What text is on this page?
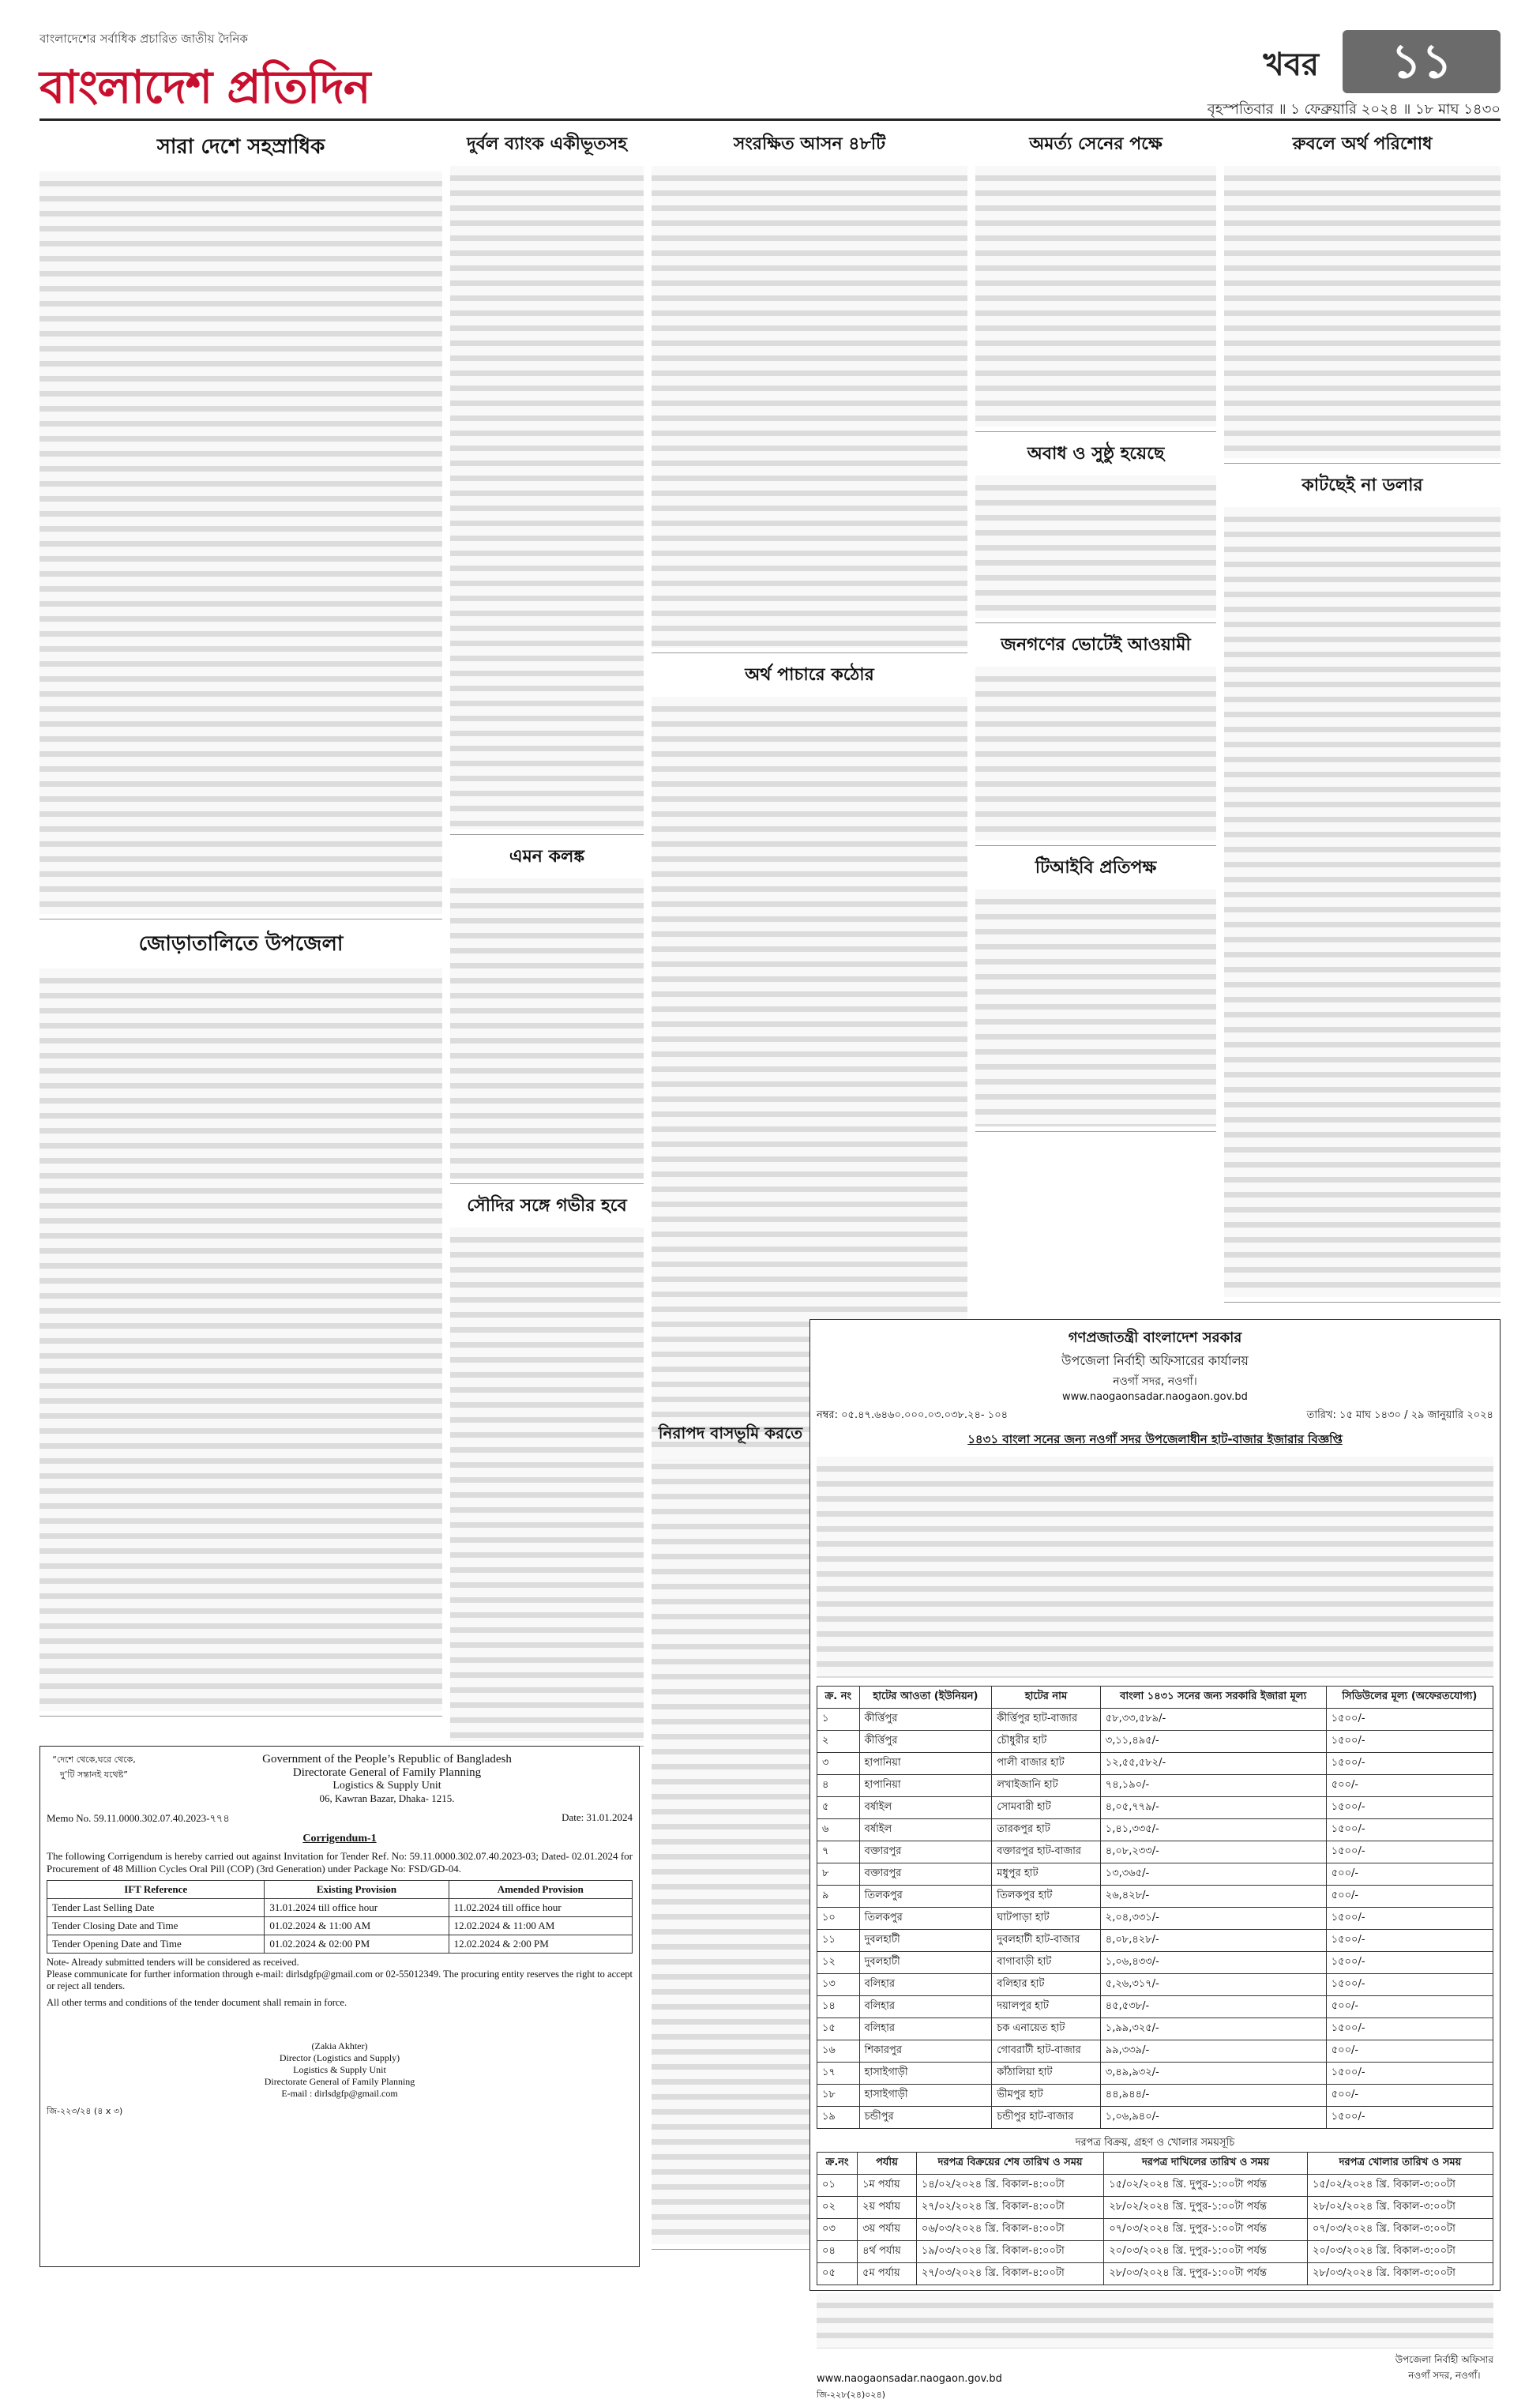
বাংলাদেশের সর্বাধিক প্রচারিত জাতীয় দৈনিক
বাংলাদেশ প্রতিদিন	খবর	১১
বৃহস্পতিবার ॥ ১ ফেব্রুয়ারি ২০২৪ ॥ ১৮ মাঘ ১৪৩০
সারা দেশে সহস্রাধিক
জোড়াতালিতে উপজেলা
দুর্বল ব্যাংক একীভূতসহ
এমন কলঙ্ক
সৌদির সঙ্গে গভীর হবে
সংরক্ষিত আসন ৪৮টি
অর্থ পাচারে কঠোর
নিরাপদ বাসভূমি করতে
অমর্ত্য সেনের পক্ষে
অবাধ ও সুষ্ঠু হয়েছে
জনগণের ভোটেই আওয়ামী
টিআইবি প্রতিপক্ষ
রুবলে অর্থ পরিশোধ
কাটছেই না ডলার
গণপ্রজাতন্ত্রী বাংলাদেশ সরকার
উপজেলা নির্বাহী অফিসারের কার্যালয়
নওগাঁ সদর, নওগাঁ।
www.naogaonsadar.naogaon.gov.bd
নম্বর: ০৫.৪৭.৬৪৬০.০০০.০৩.০৩৮.২৪- ১০৪	তারিখ: ১৫ মাঘ ১৪৩০ / ২৯ জানুয়ারি ২০২৪
১৪৩১ বাংলা সনের জন্য নওগাঁ সদর উপজেলাধীন হাট-বাজার ইজারার বিজ্ঞপ্তি
ক্র. নং	হাটের আওতা (ইউনিয়ন)	হাটের নাম	বাংলা ১৪৩১ সনের জন্য সরকারি ইজারা মূল্য	সিডিউলের মূল্য (অফেরতযোগ্য)
১	কীর্ত্তিপুর	কীর্ত্তিপুর হাট-বাজার	৫৮,৩৩,৫৮৯/-	১৫০০/-
২	কীর্ত্তিপুর	চৌধুরীর হাট	৩,১১,৪৯৫/-	১৫০০/-
৩	হাপানিয়া	পালী বাজার হাট	১২,৫৫,৫৮২/-	১৫০০/-
৪	হাপানিয়া	লখাইজানি হাট	৭৪,১৯০/-	৫০০/-
৫	বর্ষাইল	সোমবারী হাট	৪,০৫,৭৭৯/-	১৫০০/-
৬	বর্ষাইল	তারকপুর হাট	১,৪১,৩৩৫/-	১৫০০/-
৭	বক্তারপুর	বক্তারপুর হাট-বাজার	৪,০৮,২৩৩/-	১৫০০/-
৮	বক্তারপুর	মধুপুর হাট	১৩,৩৬৫/-	৫০০/-
৯	তিলকপুর	তিলকপুর হাট	২৬,৪২৮/-	৫০০/-
১০	তিলকপুর	ঘাটপাড়া হাট	২,০৪,৩৩১/-	১৫০০/-
১১	দুবলহাটী	দুবলহাটী হাট-বাজার	৪,০৮,৪২৮/-	১৫০০/-
১২	দুবলহাটী	বাগাবাড়ী হাট	১,০৬,৪৩৩/-	১৫০০/-
১৩	বলিহার	বলিহার হাট	৫,২৬,৩১৭/-	১৫০০/-
১৪	বলিহার	দয়ালপুর হাট	৪৫,৫৩৮/-	৫০০/-
১৫	বলিহার	চক এনায়েত হাট	১,৯৯,৩২৫/-	১৫০০/-
১৬	শিকারপুর	গোবরাটী হাট-বাজার	৯৯,৩৩৯/-	৫০০/-
১৭	হাসাইগাড়ী	কাঁঠালিয়া হাট	৩,৪৯,৯৩২/-	১৫০০/-
১৮	হাসাইগাড়ী	ভীমপুর হাট	৪৪,৯৪৪/-	৫০০/-
১৯	চন্ডীপুর	চন্ডীপুর হাট-বাজার	১,০৬,৯৪০/-	১৫০০/-
দরপত্র বিক্রয়, গ্রহণ ও খোলার সময়সূচি
ক্র.নং	পর্যায়	দরপত্র বিক্রয়ের শেষ তারিখ ও সময়	দরপত্র দাখিলের তারিখ ও সময়	দরপত্র খোলার তারিখ ও সময়
০১	১ম পর্যায়	১৪/০২/২০২৪ খ্রি. বিকাল-৪:০০টা	১৫/০২/২০২৪ খ্রি. দুপুর-১:০০টা পর্যন্ত	১৫/০২/২০২৪ খ্রি. বিকাল-৩:০০টা
০২	২য় পর্যায়	২৭/০২/২০২৪ খ্রি. বিকাল-৪:০০টা	২৮/০২/২০২৪ খ্রি. দুপুর-১:০০টা পর্যন্ত	২৮/০২/২০২৪ খ্রি. বিকাল-৩:০০টা
০৩	৩য় পর্যায়	০৬/০৩/২০২৪ খ্রি. বিকাল-৪:০০টা	০৭/০৩/২০২৪ খ্রি. দুপুর-১:০০টা পর্যন্ত	০৭/০৩/২০২৪ খ্রি. বিকাল-৩:০০টা
০৪	৪র্থ পর্যায়	১৯/০৩/২০২৪ খ্রি. বিকাল-৪:০০টা	২০/০৩/২০২৪ খ্রি. দুপুর-১:০০টা পর্যন্ত	২০/০৩/২০২৪ খ্রি. বিকাল-৩:০০টা
০৫	৫ম পর্যায়	২৭/০৩/২০২৪ খ্রি. বিকাল-৪:০০টা	২৮/০৩/২০২৪ খ্রি. দুপুর-১:০০টা পর্যন্ত	২৮/০৩/২০২৪ খ্রি. বিকাল-৩:০০টা
www.naogaonsadar.naogaon.gov.bd
উপজেলা নির্বাহী অফিসার
নওগাঁ সদর, নওগাঁ।
জি-২২৮(২৪)০২৪)
“দেশে থেকে,ঘরে থেকে, দু’টি সন্তানই যথেষ্ট”
Government of the People’s Republic of Bangladesh
Directorate General of Family Planning
Logistics & Supply Unit
06, Kawran Bazar, Dhaka- 1215.
Memo No. 59.11.0000.302.07.40.2023-৭৭৪	Date: 31.01.2024
Corrigendum-1
The following Corrigendum is hereby carried out against Invitation for Tender Ref. No: 59.11.0000.302.07.40.2023-03; Dated- 02.01.2024 for Procurement of 48 Million Cycles Oral Pill (COP) (3rd Generation) under Package No: FSD/GD-04.
IFT Reference	Existing Provision	Amended Provision
Tender Last Selling Date	31.01.2024 till office hour	11.02.2024 till office hour
Tender Closing Date and Time	01.02.2024 & 11:00 AM	12.02.2024 & 11:00 AM
Tender Opening Date and Time	01.02.2024 & 02:00 PM	12.02.2024 & 2:00 PM
Note- Already submitted tenders will be considered as received.
Please communicate for further information through e-mail: dirlsdgfp@gmail.com or 02-55012349. The procuring entity reserves the right to accept or reject all tenders.
All other terms and conditions of the tender document shall remain in force.
(Zakia Akhter)
Director (Logistics and Supply)
Logistics & Supply Unit
Directorate General of Family Planning
E-mail : dirlsdgfp@gmail.com
জি-২২৩/২৪ (৪ x ৩)
